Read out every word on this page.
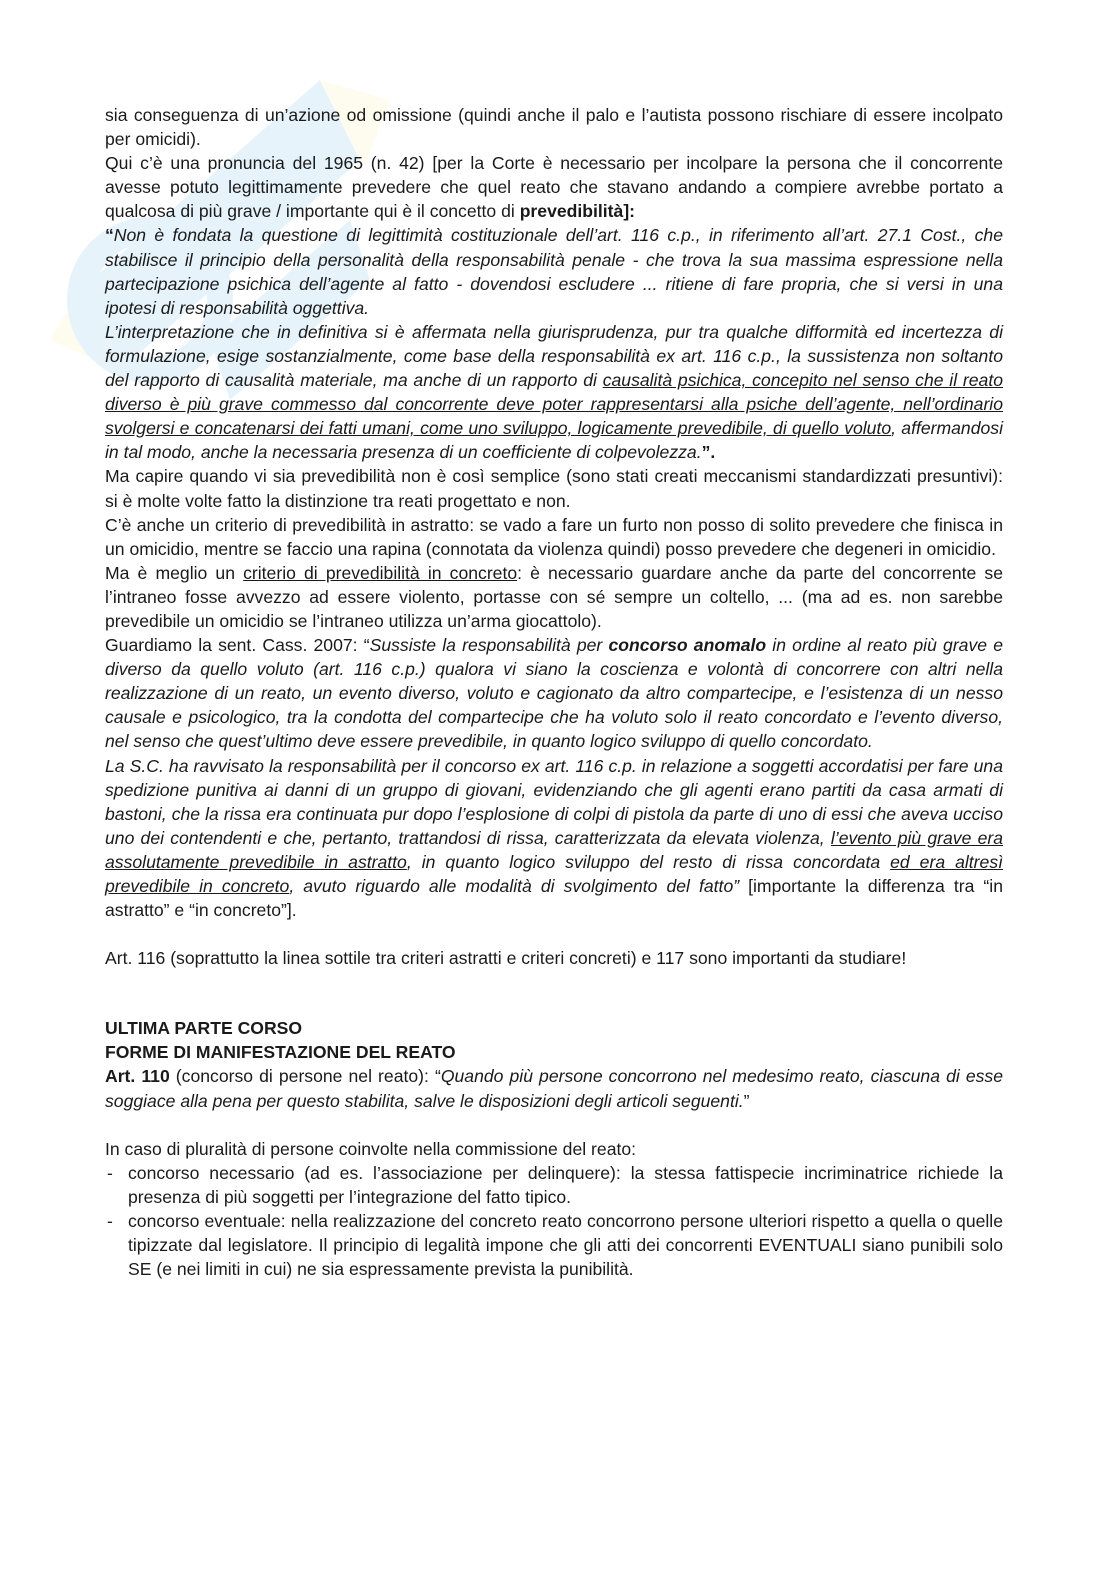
sia conseguenza di un’azione od omissione (quindi anche il palo e l’autista possono rischiare di essere incolpato per omicidi).

Qui c’è una pronuncia del 1965 (n. 42) [per la Corte è necessario per incolpare la persona che il concorrente avesse potuto legittimamente prevedere che quel reato che stavano andando a compiere avrebbe portato a qualcosa di più grave / importante qui è il concetto di prevedibilità]:

“Non è fondata la questione di legittimità costituzionale dell’art. 116 c.p., in riferimento all’art. 27.1 Cost., che stabilisce il principio della personalità della responsabilità penale - che trova la sua massima espressione nella partecipazione psichica dell’agente al fatto - dovendosi escludere ... ritiene di fare propria, che si versi in una ipotesi di responsabilità oggettiva.

L’interpretazione che in definitiva si è affermata nella giurisprudenza, pur tra qualche difformità ed incertezza di formulazione, esige sostanzialmente, come base della responsabilità ex art. 116 c.p., la sussistenza non soltanto del rapporto di causalità materiale, ma anche di un rapporto di causalità psichica, concepito nel senso che il reato diverso è più grave commesso dal concorrente deve poter rappresentarsi alla psiche dell’agente, nell’ordinario svolgersi e concatenarsi dei fatti umani, come uno sviluppo, logicamente prevedibile, di quello voluto, affermandosi in tal modo, anche la necessaria presenza di un coefficiente di colpevolezza.”.

Ma capire quando vi sia prevedibilità non è così semplice (sono stati creati meccanismi standardizzati presuntivi): si è molte volte fatto la distinzione tra reati progettato e non.

C’è anche un criterio di prevedibilità in astratto: se vado a fare un furto non posso di solito prevedere che finisca in un omicidio, mentre se faccio una rapina (connotata da violenza quindi) posso prevedere che degeneri in omicidio.

Ma è meglio un criterio di prevedibilità in concreto: è necessario guardare anche da parte del concorrente se l’intraneo fosse avvezzo ad essere violento, portasse con sé sempre un coltello, ... (ma ad es. non sarebbe prevedibile un omicidio se l’intraneo utilizza un’arma giocattolo).

Guardiamo la sent. Cass. 2007: “Sussiste la responsabilità per concorso anomalo in ordine al reato più grave e diverso da quello voluto (art. 116 c.p.) qualora vi siano la coscienza e volontà di concorrere con altri nella realizzazione di un reato, un evento diverso, voluto e cagionato da altro compartecipe, e l’esistenza di un nesso causale e psicologico, tra la condotta del compartecipe che ha voluto solo il reato concordato e l’evento diverso, nel senso che quest’ultimo deve essere prevedibile, in quanto logico sviluppo di quello concordato.

La S.C. ha ravvisato la responsabilità per il concorso ex art. 116 c.p. in relazione a soggetti accordatisi per fare una spedizione punitiva ai danni di un gruppo di giovani, evidenziando che gli agenti erano partiti da casa armati di bastoni, che la rissa era continuata pur dopo l’esplosione di colpi di pistola da parte di uno di essi che aveva ucciso uno dei contendenti e che, pertanto, trattandosi di rissa, caratterizzata da elevata violenza, l’evento più grave era assolutamente prevedibile in astratto, in quanto logico sviluppo del resto di rissa concordata ed era altresì prevedibile in concreto, avuto riguardo alle modalità di svolgimento del fatto” [importante la differenza tra “in astratto” e “in concreto”].

Art. 116 (soprattutto la linea sottile tra criteri astratti e criteri concreti) e 117 sono importanti da studiare!

ULTIMA PARTE CORSO

FORME DI MANIFESTAZIONE DEL REATO

Art. 110 (concorso di persone nel reato): “Quando più persone concorrono nel medesimo reato, ciascuna di esse soggiace alla pena per questo stabilita, salve le disposizioni degli articoli seguenti.”

In caso di pluralità di persone coinvolte nella commissione del reato:

- concorso necessario (ad es. l’associazione per delinquere): la stessa fattispecie incriminatrice richiede la presenza di più soggetti per l’integrazione del fatto tipico.
- concorso eventuale: nella realizzazione del concreto reato concorrono persone ulteriori rispetto a quella o quelle tipizzate dal legislatore. Il principio di legalità impone che gli atti dei concorrenti EVENTUALI siano punibili solo SE (e nei limiti in cui) ne sia espressamente prevista la punibilità.
